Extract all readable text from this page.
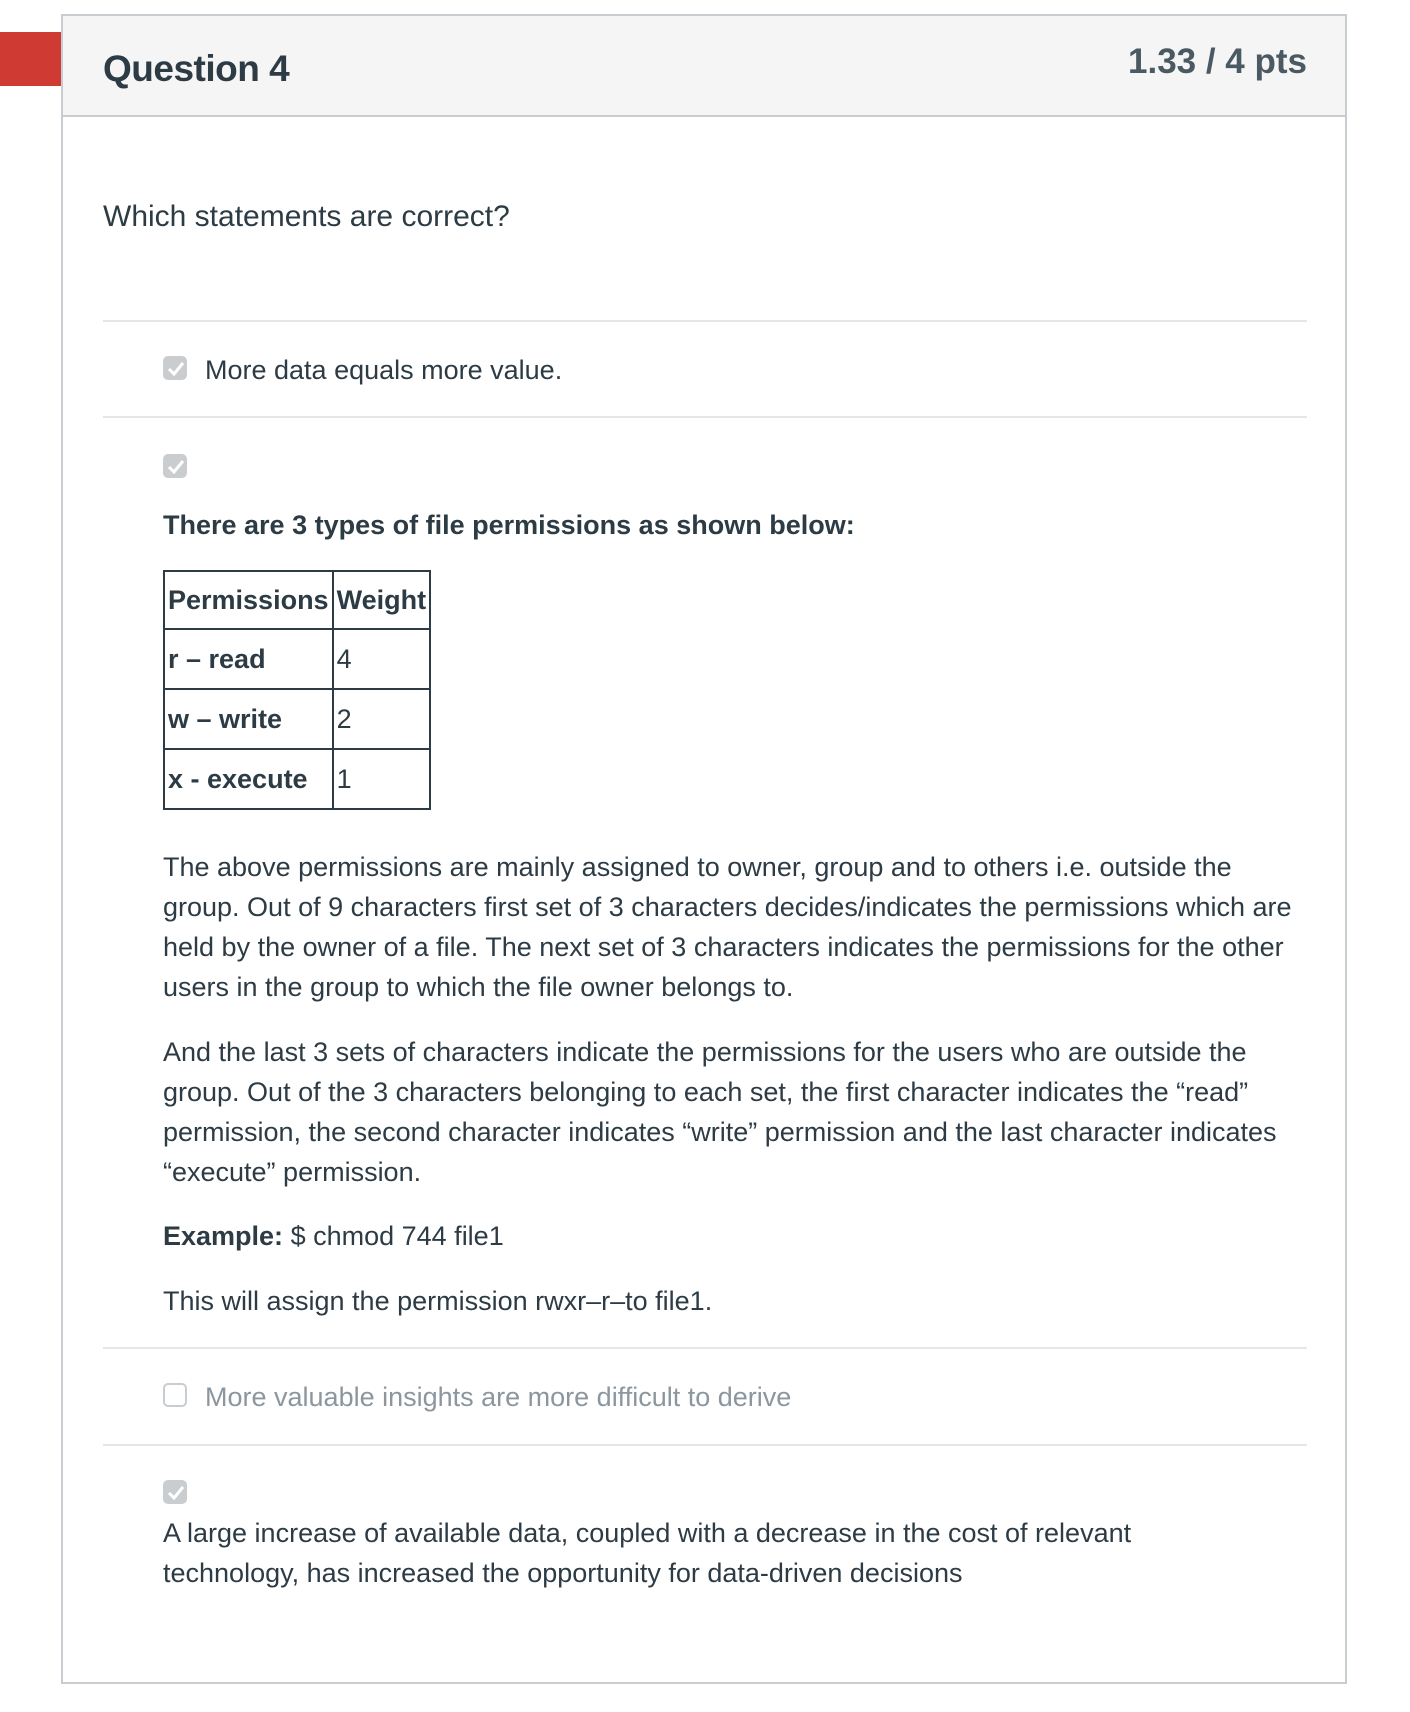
Question 4	1.33 / 4 pts
Which statements are correct?
More data equals more value.
There are 3 types of file permissions as shown below:
Permissions	Weight
r – read	4
w – write	2
x - execute	1
The above permissions are mainly assigned to owner, group and to others i.e. outside the group. Out of 9 characters first set of 3 characters decides/indicates the permissions which are held by the owner of a file. The next set of 3 characters indicates the permissions for the other users in the group to which the file owner belongs to.
And the last 3 sets of characters indicate the permissions for the users who are outside the group. Out of the 3 characters belonging to each set, the first character indicates the “read” permission, the second character indicates “write” permission and the last character indicates “execute” permission.
Example: $ chmod 744 file1
This will assign the permission rwxr–r–to file1.
More valuable insights are more difficult to derive
A large increase of available data, coupled with a decrease in the cost of relevant technology, has increased the opportunity for data-driven decisions
